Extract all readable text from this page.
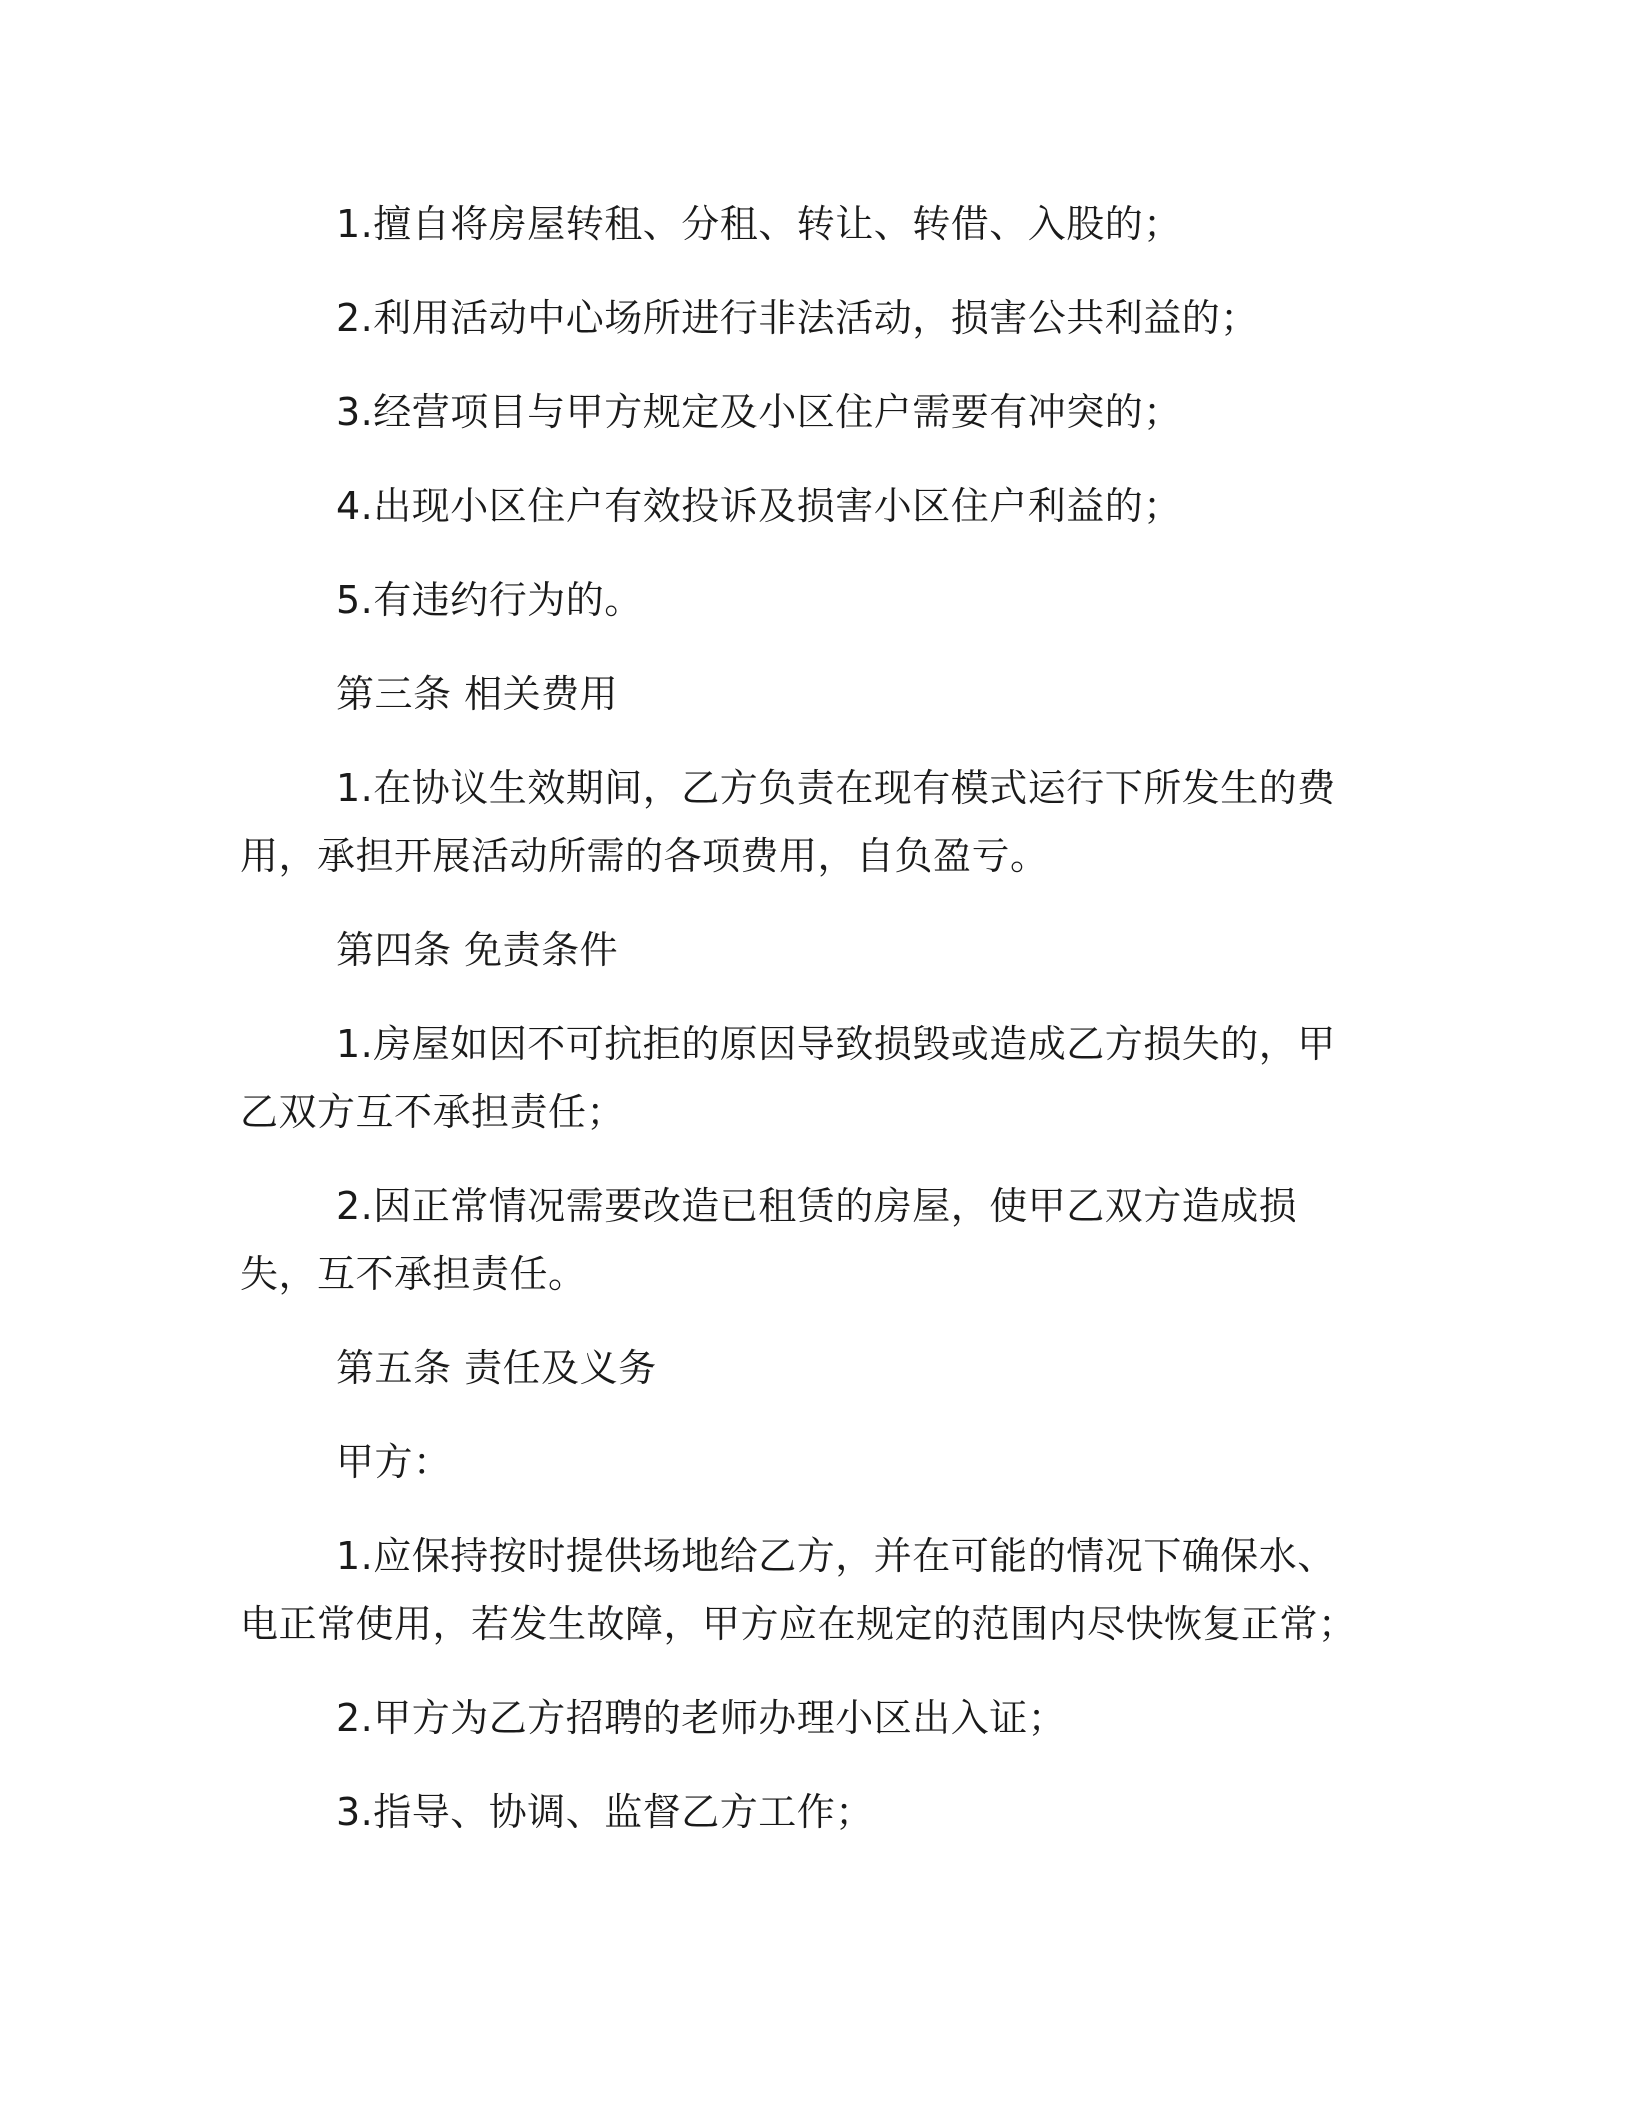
1.擅自将房屋转租、分租、转让、转借、入股的；

2.利用活动中心场所进行非法活动，损害公共利益的；

3.经营项目与甲方规定及小区住户需要有冲突的；

4.出现小区住户有效投诉及损害小区住户利益的；

5.有违约行为的。

第三条 相关费用

1.在协议生效期间，乙方负责在现有模式运行下所发生的费用，承担开展活动所需的各项费用，自负盈亏。

第四条 免责条件

1.房屋如因不可抗拒的原因导致损毁或造成乙方损失的，甲乙双方互不承担责任；

2.因正常情况需要改造已租赁的房屋，使甲乙双方造成损失，互不承担责任。

第五条 责任及义务

甲方：

1.应保持按时提供场地给乙方，并在可能的情况下确保水、电正常使用，若发生故障，甲方应在规定的范围内尽快恢复正常；

2.甲方为乙方招聘的老师办理小区出入证；

3.指导、协调、监督乙方工作；
